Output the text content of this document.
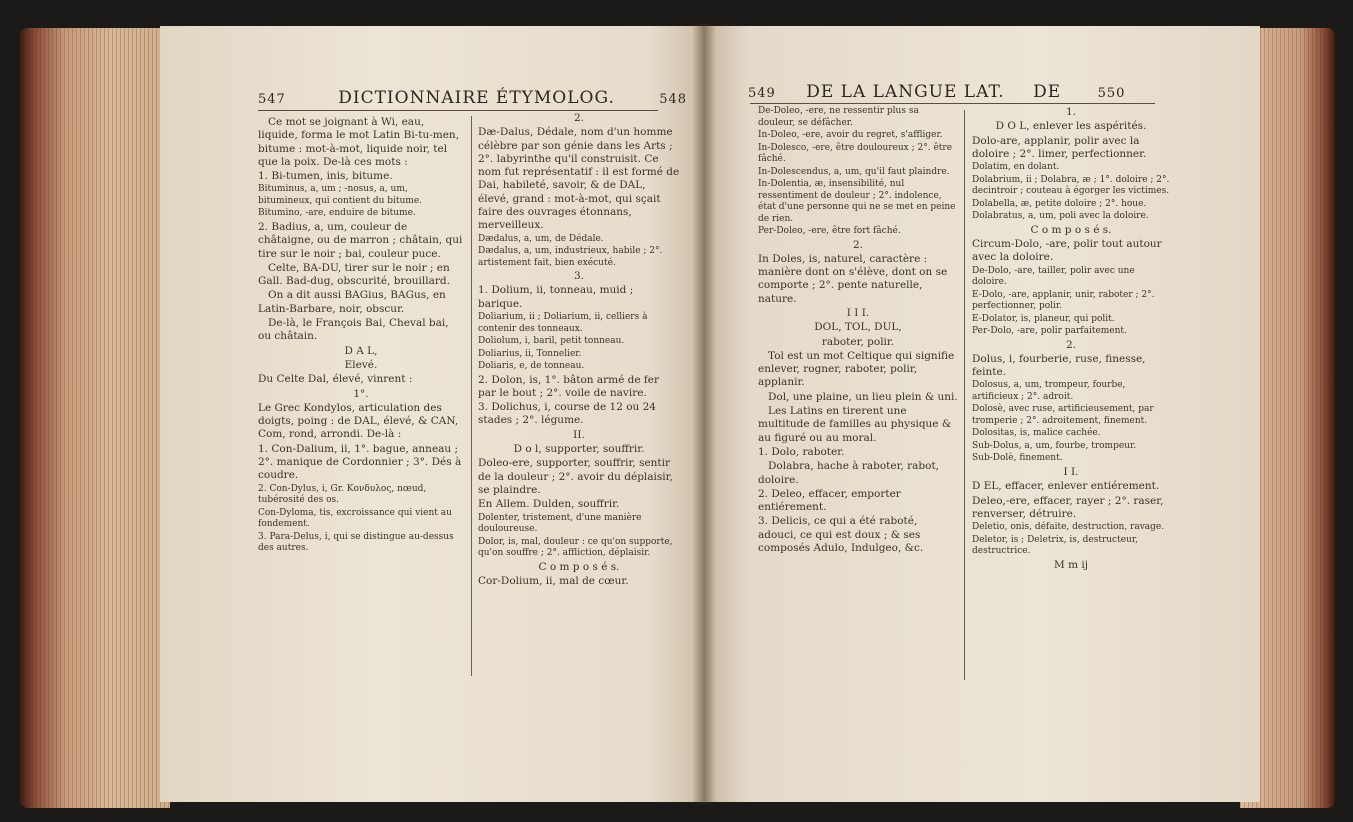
547	DICTIONNAIRE ÉTYMOLOG.	548	549 DE LA LANGUE LAT. DE	550

Ce mot se joignant à Wi, eau, liquide, forma le mot Latin Bi-tu-men, bitume : mot-à-mot, liquide noir, tel que la poix. De-là ces mots :

1. Bi-tumen, inis, bitume.

Bituminus, a, um ; -nosus, a, um, bitumineux, qui contient du bitume.

Bitumino, -are, enduire de bitume.

2. Badius, a, um, couleur de châtaigne, ou de marron ; châtain, qui tire sur le noir ; bai, couleur puce.

Celte, BA-DU, tirer sur le noir ; en Gall. Bad-dug, obscurité, brouillard.

On a dit aussi BAGius, BAGus, en Latin-Barbare, noir, obscur.

De-là, le François Bai, Cheval bai, ou châtain.

D A L,

Elevé.

Du Celte Dal, élevé, vinrent :

1°.

Le Grec Kondylos, articulation des doigts, poing : de DAL, élevé, & CAN, Com, rond, arrondi. De-là :

1. Con-Dalium, ii, 1°. bague, anneau ; 2°. manique de Cordonnier ; 3°. Dés à coudre.

2. Con-Dylus, i, Gr. Κονδυλος, nœud, tubérosité des os.

Con-Dyloma, tis, excroissance qui vient au fondement.

3. Para-Delus, i, qui se distingue au-dessus des autres.

2.

Dæ-Dalus, Dédale, nom d'un homme célèbre par son génie dans les Arts ; 2°. labyrinthe qu'il construisit. Ce nom fut représentatif : il est formé de Dai, habileté, savoir, & de DAL, élevé, grand : mot-à-mot, qui sçait faire des ouvrages étonnans, merveilleux.

Dædalus, a, um, de Dédale.

Dædalus, a, um, industrieux, habile ; 2°. artistement fait, bien exécuté.

3.

1. Dolium, ii, tonneau, muid ; barique.

Doliarium, ii ; Doliarium, ii, celliers à contenir des tonneaux.

Doliolum, i, baril, petit tonneau.

Doliarius, ii, Tonnelier.

Doliaris, e, de tonneau.

2. Dolon, is, 1°. bâton armé de fer par le bout ; 2°. voile de navire.

3. Dolichus, i, course de 12 ou 24 stades ; 2°. légume.

II.

D o l, supporter, souffrir.

Doleo-ere, supporter, souffrir, sentir de la douleur ; 2°. avoir du déplaisir, se plaindre.

En Allem. Dulden, souffrir.

Dolenter, tristement, d'une manière douloureuse.

Dolor, is, mal, douleur : ce qu'on supporte, qu'on souffre ; 2°. affliction, déplaisir.

C o m p o s é s.

Cor-Dolium, ii, mal de cœur.

De-Doleo, -ere, ne ressentir plus sa douleur, se défâcher.

In-Doleo, -ere, avoir du regret, s'affliger.

In-Dolesco, -ere, être douloureux ; 2°. être fâché.

In-Dolescendus, a, um, qu'il faut plaindre.

In-Dolentia, æ, insensibilité, nul ressentiment de douleur ; 2°. indolence, état d'une personne qui ne se met en peine de rien.

Per-Doleo, -ere, être fort fâché.

2.

In Doles, is, naturel, caractère : manière dont on s'élève, dont on se comporte ; 2°. pente naturelle, nature.

I I I.

DOL, TOL, DUL,

raboter, polir.

Tol est un mot Celtique qui signifie enlever, rogner, raboter, polir, applanir.

Dol, une plaine, un lieu plein & uni.

Les Latins en tirerent une multitude de familles au physique & au figuré ou au moral.

1. Dolo, raboter.

Dolabra, hache à raboter, rabot, doloire.

2. Deleo, effacer, emporter entiérement.

3. Delicis, ce qui a été raboté, adouci, ce qui est doux ; & ses composés Adulo, Indulgeo, &c.

1.

D O L, enlever les aspérités.

Dolo-are, applanir, polir avec la doloire ; 2°. limer, perfectionner.

Dolatim, en dolant.

Dolabrium, ii ; Dolabra, æ ; 1°. doloire ; 2°. decintroir ; couteau à égorger les victimes.

Dolabella, æ, petite doloire ; 2°. houe.

Dolabratus, a, um, poli avec la doloire.

C o m p o s é s.

Circum-Dolo, -are, polir tout autour avec la doloire.

De-Dolo, -are, tailler, polir avec une doloire.

E-Dolo, -are, applanir, unir, raboter ; 2°. perfectionner, polir.

E-Dolator, is, planeur, qui polit.

Per-Dolo, -are, polir parfaitement.

2.

Dolus, i, fourberie, ruse, finesse, feinte.

Dolosus, a, um, trompeur, fourbe, artificieux ; 2°. adroit.

Dolosè, avec ruse, artificieusement, par tromperie ; 2°. adroitement, finement.

Dolositas, is, malice cachée.

Sub-Dolus, a, um, fourbe, trompeur.

Sub-Dolè, finement.

I I.

D EL, effacer, enlever entiérement.

Deleo,-ere, effacer, rayer ; 2°. raser, renverser, détruire.

Deletio, onis, défaite, destruction, ravage.

Deletor, is ; Deletrix, is, destructeur, destructrice.

M m ij
